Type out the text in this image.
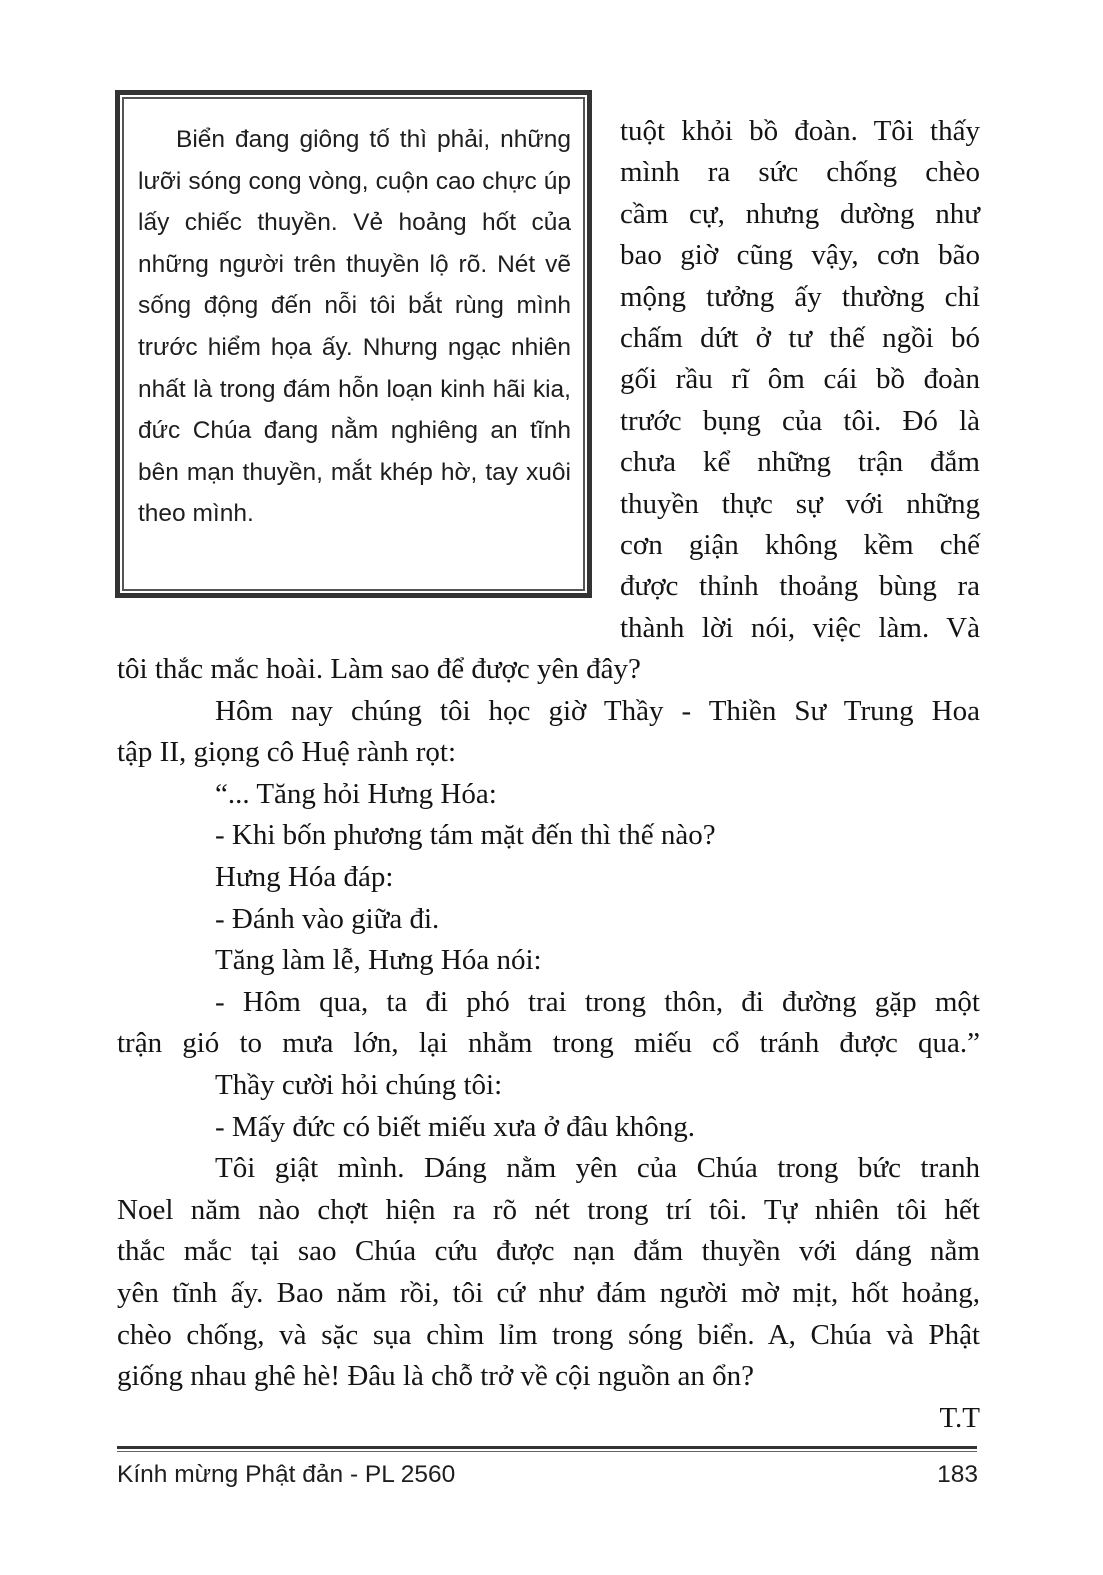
Biển đang giông tố thì phải, những lưỡi sóng cong vòng, cuộn cao chực úp lấy chiếc thuyền. Vẻ hoảng hốt của những người trên thuyền lộ rõ. Nét vẽ sống động đến nỗi tôi bắt rùng mình trước hiểm họa ấy. Nhưng ngạc nhiên nhất là trong đám hỗn loạn kinh hãi kia, đức Chúa đang nằm nghiêng an tĩnh bên mạn thuyền, mắt khép hờ, tay xuôi theo mình.

tuột khỏi bồ đoàn. Tôi thấy
mình ra sức chống chèo
cầm cự, nhưng dường như
bao giờ cũng vậy, cơn bão
mộng tưởng ấy thường chỉ
chấm dứt ở tư thế ngồi bó
gối rầu rĩ ôm cái bồ đoàn
trước bụng của tôi. Đó là
chưa kể những trận đắm
thuyền thực sự với những
cơn giận không kềm chế
được thỉnh thoảng bùng ra
thành lời nói, việc làm. Và
tôi thắc mắc hoài. Làm sao để được yên đây?
Hôm nay chúng tôi học giờ Thầy - Thiền Sư Trung Hoa
tập II, giọng cô Huệ rành rọt:
“... Tăng hỏi Hưng Hóa:
- Khi bốn phương tám mặt đến thì thế nào?
Hưng Hóa đáp:
- Đánh vào giữa đi.
Tăng làm lễ, Hưng Hóa nói:
- Hôm qua, ta đi phó trai trong thôn, đi đường gặp một
trận gió to mưa lớn, lại nhằm trong miếu cổ tránh được qua.”
Thầy cười hỏi chúng tôi:
- Mấy đức có biết miếu xưa ở đâu không.
Tôi giật mình. Dáng nằm yên của Chúa trong bức tranh
Noel năm nào chợt hiện ra rõ nét trong trí tôi. Tự nhiên tôi hết
thắc mắc tại sao Chúa cứu được nạn đắm thuyền với dáng nằm
yên tĩnh ấy. Bao năm rồi, tôi cứ như đám người mờ mịt, hốt hoảng,
chèo chống, và sặc sụa chìm lỉm trong sóng biển. A, Chúa và Phật
giống nhau ghê hè! Đâu là chỗ trở về cội nguồn an ổn?
T.T
Kính mừng Phật đản - PL 2560	183
